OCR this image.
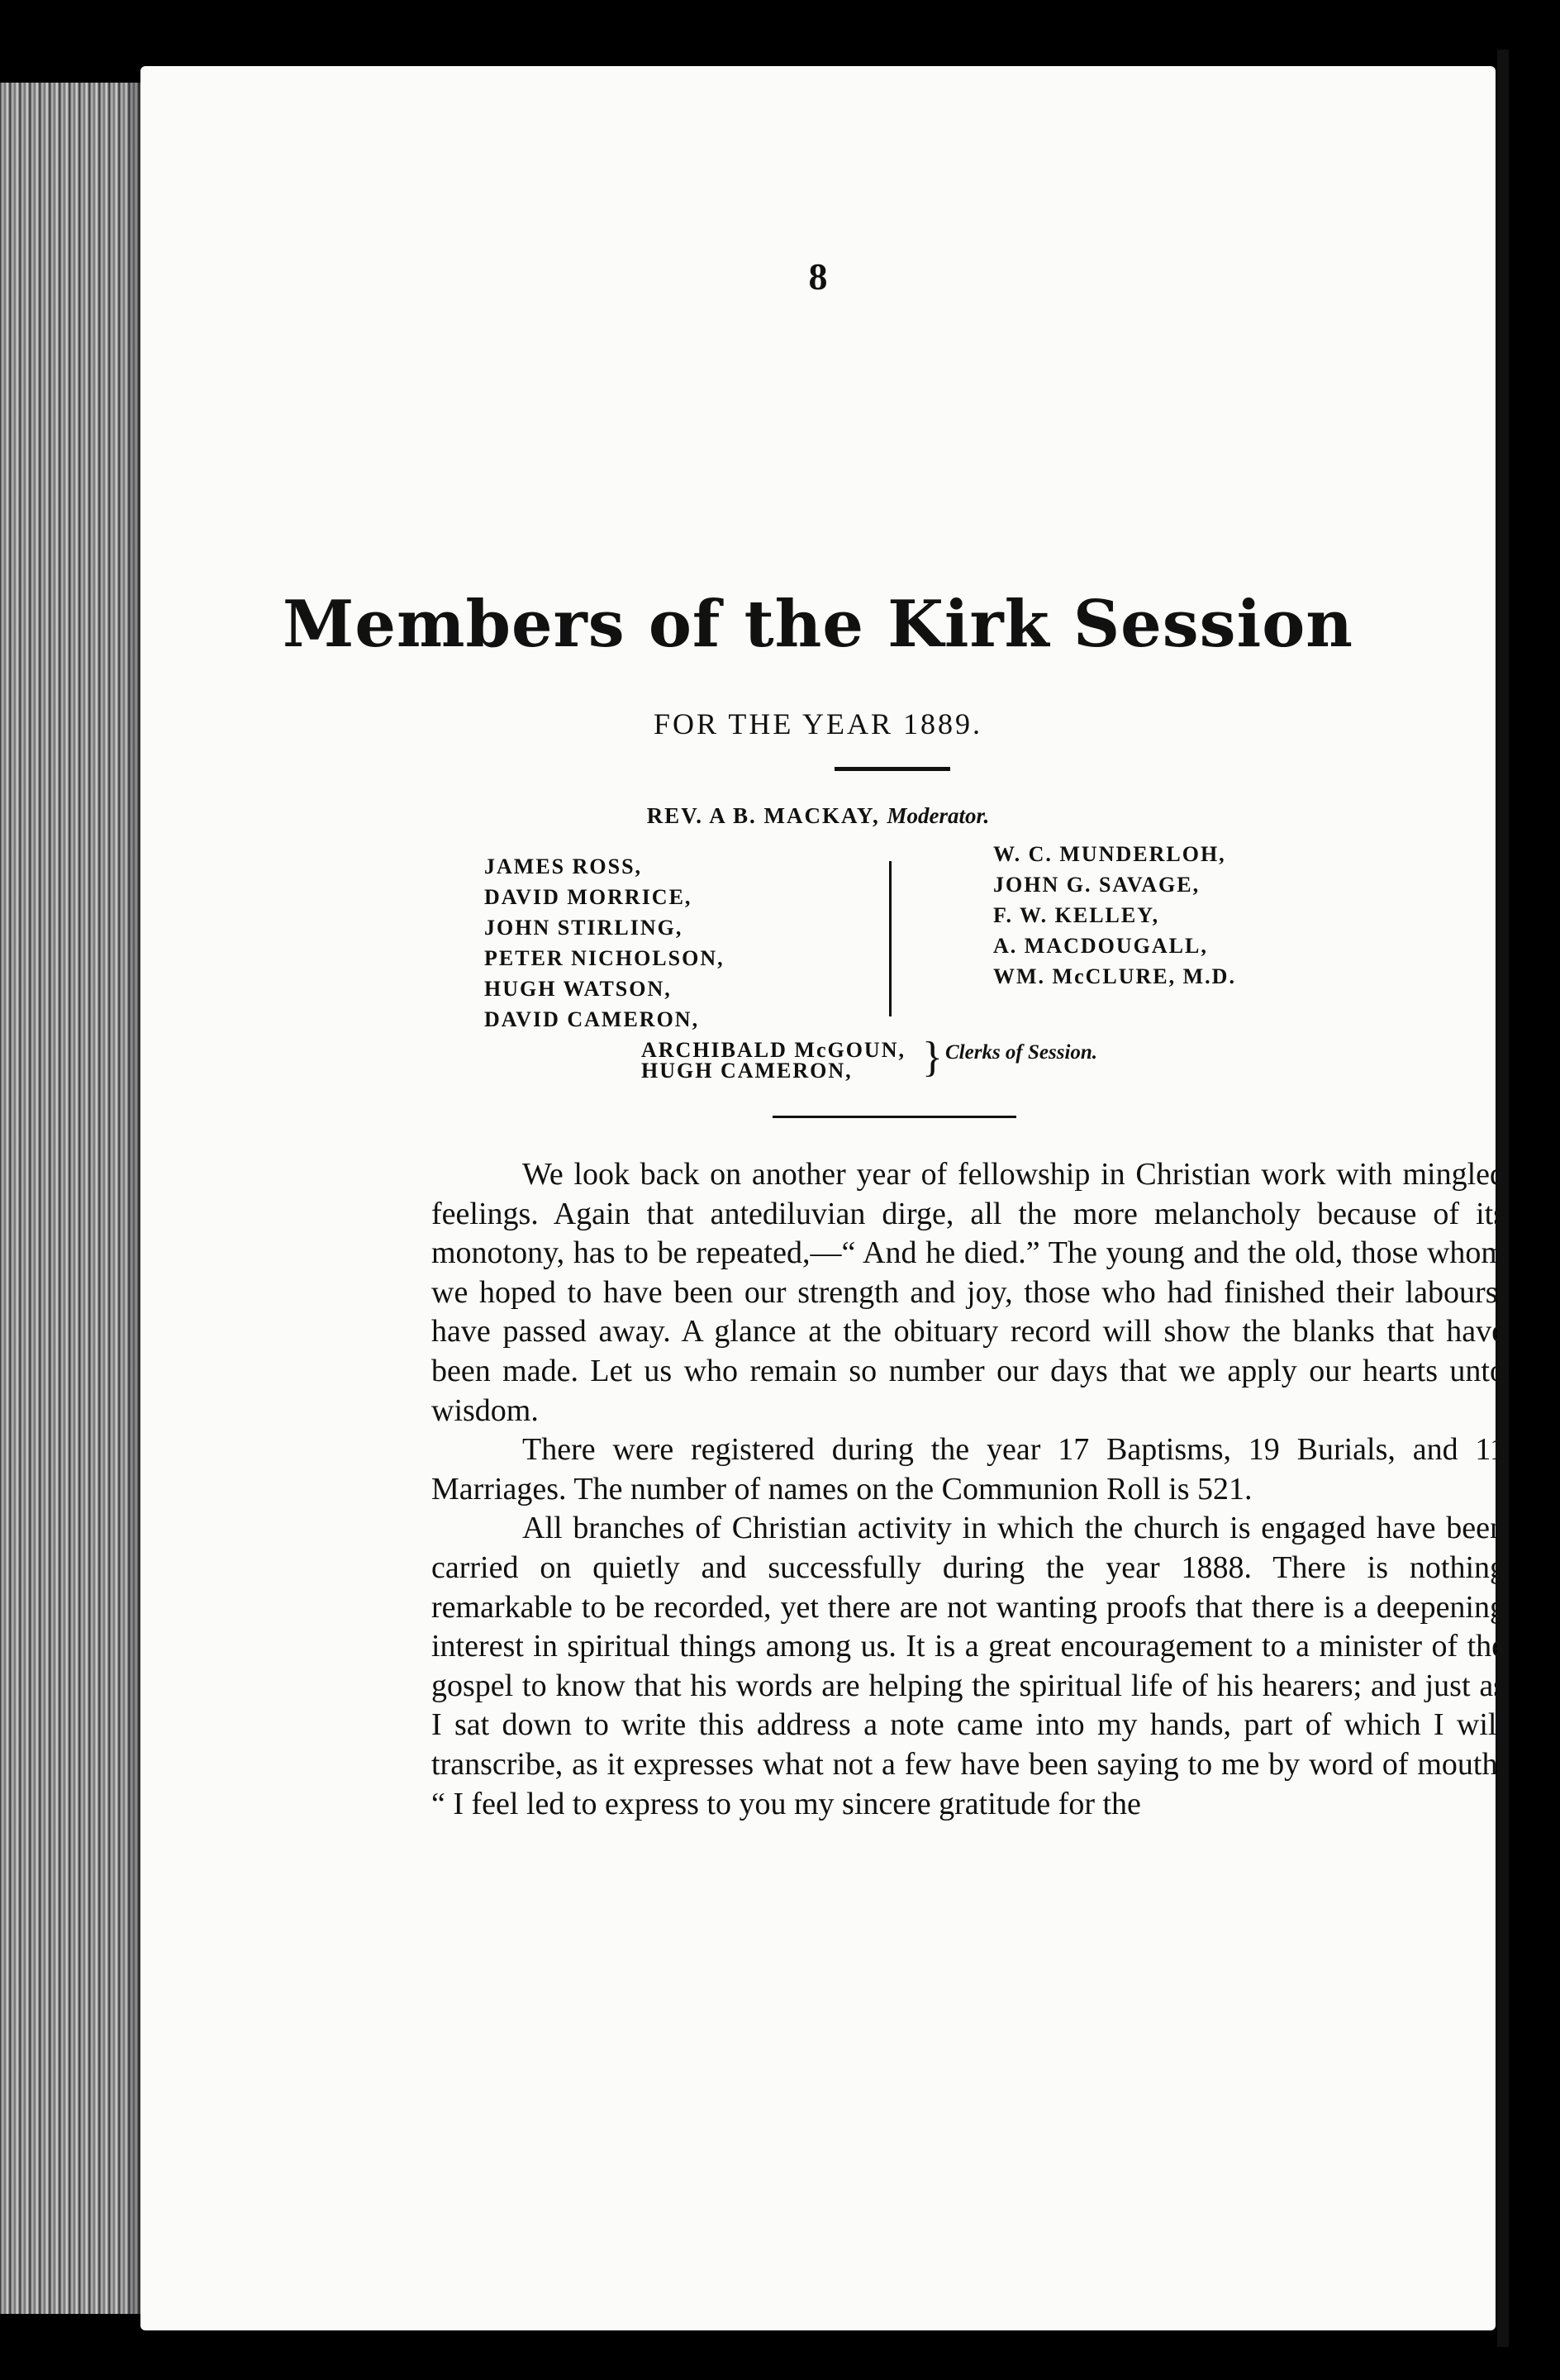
8
Members of the Kirk Session
FOR THE YEAR 1889.
REV. A B. MACKAY, Moderator.
JAMES ROSS,
DAVID MORRICE,
JOHN STIRLING,
PETER NICHOLSON,
HUGH WATSON,
DAVID CAMERON,
W. C. MUNDERLOH,
JOHN G. SAVAGE,
F. W. KELLEY,
A. MACDOUGALL,
WM. McCLURE, M.D.
ARCHIBALD McGOUN,
HUGH CAMERON,	} Clerks of Session.

We look back on another year of fellowship in Christian work with mingled feelings. Again that antediluvian dirge, all the more melancholy because of its monotony, has to be repeated,—“ And he died.” The young and the old, those whom we hoped to have been our strength and joy, those who had finished their labours, have passed away. A glance at the obituary record will show the blanks that have been made. Let us who remain so number our days that we apply our hearts unto wisdom.

There were registered during the year 17 Baptisms, 19 Burials, and 11 Marriages. The number of names on the Communion Roll is 521.

All branches of Christian activity in which the church is engaged have been carried on quietly and successfully during the year 1888. There is nothing remarkable to be recorded, yet there are not wanting proofs that there is a deepening interest in spiritual things among us. It is a great encouragement to a minister of the gospel to know that his words are helping the spiritual life of his hearers; and just as I sat down to write this address a note came into my hands, part of which I will transcribe, as it expresses what not a few have been saying to me by word of mouth. “ I feel led to express to you my sincere gratitude for the
